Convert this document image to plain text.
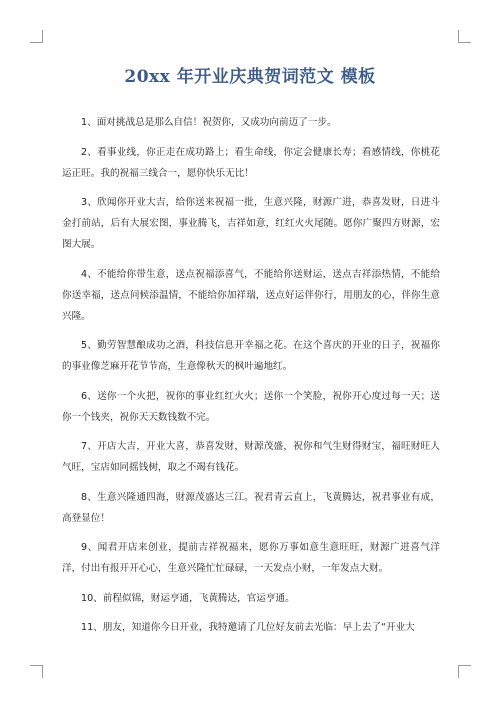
20xx 年开业庆典贺词范文 模板

1、面对挑战总是那么自信！祝贺你，又成功向前迈了一步。

2、看事业线，你正走在成功路上；看生命线，你定会健康长寿；看感情线，你桃花运正旺。我的祝福三线合一，愿你快乐无比！

3、欣闻你开业大吉，给你送来祝福一批，生意兴隆，财源广进，恭喜发财，日进斗金打前站，后有大展宏图，事业腾飞，吉祥如意，红红火火尾随。愿你广聚四方财源，宏图大展。

4、不能给你带生意，送点祝福添喜气，不能给你送财运，送点吉祥添热情，不能给你送幸福，送点问候添温情，不能给你加祥瑞，送点好运伴你行，用朋友的心，伴你生意兴隆。

5、勤劳智慧酿成功之酒，科技信息开幸福之花。在这个喜庆的开业的日子，祝福你的事业像芝麻开花节节高，生意像秋天的枫叶遍地红。

6、送你一个火把，祝你的事业红红火火；送你一个笑脸，祝你开心度过每一天；送你一个钱夹，祝你天天数钱数不完。

7、开店大吉，开业大喜，恭喜发财，财源茂盛，祝你和气生财得财宝，福旺财旺人气旺，宝店如同摇钱树，取之不竭有钱花。

8、生意兴隆通四海，财源茂盛达三江。祝君青云直上，飞黄腾达，祝君事业有成，高登显位！

9、闻君开店来创业，提前吉祥祝福来，愿你万事如意生意旺旺，财源广进喜气洋洋，付出有报开开心心，生意兴隆忙忙碌碌，一天发点小财，一年发点大财。

10、前程似锦，财运亨通，飞黄腾达，官运亨通。

11、朋友，知道你今日开业，我特邀请了几位好友前去光临：早上去了“开业大
